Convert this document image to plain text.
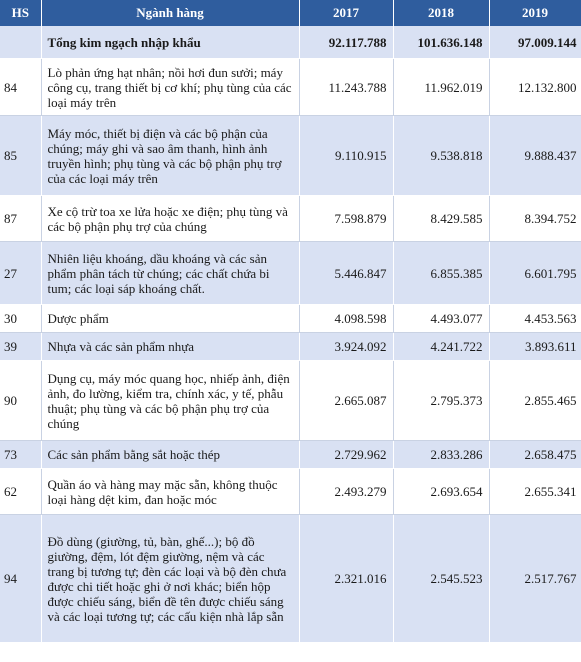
HS	Ngành hàng	2017	2018	2019
	Tổng kim ngạch nhập khẩu	92.117.788	101.636.148	97.009.144
84	Lò phản ứng hạt nhân; nồi hơi đun sưởi; máy công cụ, trang thiết bị cơ khí; phụ tùng của các loại máy trên	11.243.788	11.962.019	12.132.800
85	Máy móc, thiết bị điện và các bộ phận của chúng; máy ghi và sao âm thanh, hình ảnh truyền hình; phụ tùng và các bộ phận phụ trợ của các loại máy trên	9.110.915	9.538.818	9.888.437
87	Xe cộ trừ toa xe lửa hoặc xe điện; phụ tùng và các bộ phận phụ trợ của chúng	7.598.879	8.429.585	8.394.752
27	Nhiên liệu khoáng, dầu khoáng và các sản phẩm phân tách từ chúng; các chất chứa bi tum; các loại sáp khoáng chất.	5.446.847	6.855.385	6.601.795
30	Dược phẩm	4.098.598	4.493.077	4.453.563
39	Nhựa và các sản phẩm nhựa	3.924.092	4.241.722	3.893.611
90	Dụng cụ, máy móc quang học, nhiếp ảnh, điện ảnh, đo lường, kiểm tra, chính xác, y tế, phẫu thuật; phụ tùng và các bộ phận phụ trợ của chúng	2.665.087	2.795.373	2.855.465
73	Các sản phẩm bằng sắt hoặc thép	2.729.962	2.833.286	2.658.475
62	Quần áo và hàng may mặc sẵn, không thuộc loại hàng dệt kim, đan hoặc móc	2.493.279	2.693.654	2.655.341
94	Đồ dùng (giường, tủ, bàn, ghế...); bộ đồ giường, đệm, lót đệm giường, nệm và các trang bị tương tự; đèn các loại và bộ đèn chưa được chi tiết hoặc ghi ở nơi khác; biển hộp được chiếu sáng, biển đề tên được chiếu sáng và các loại tương tự; các cấu kiện nhà lắp sẵn	2.321.016	2.545.523	2.517.767
